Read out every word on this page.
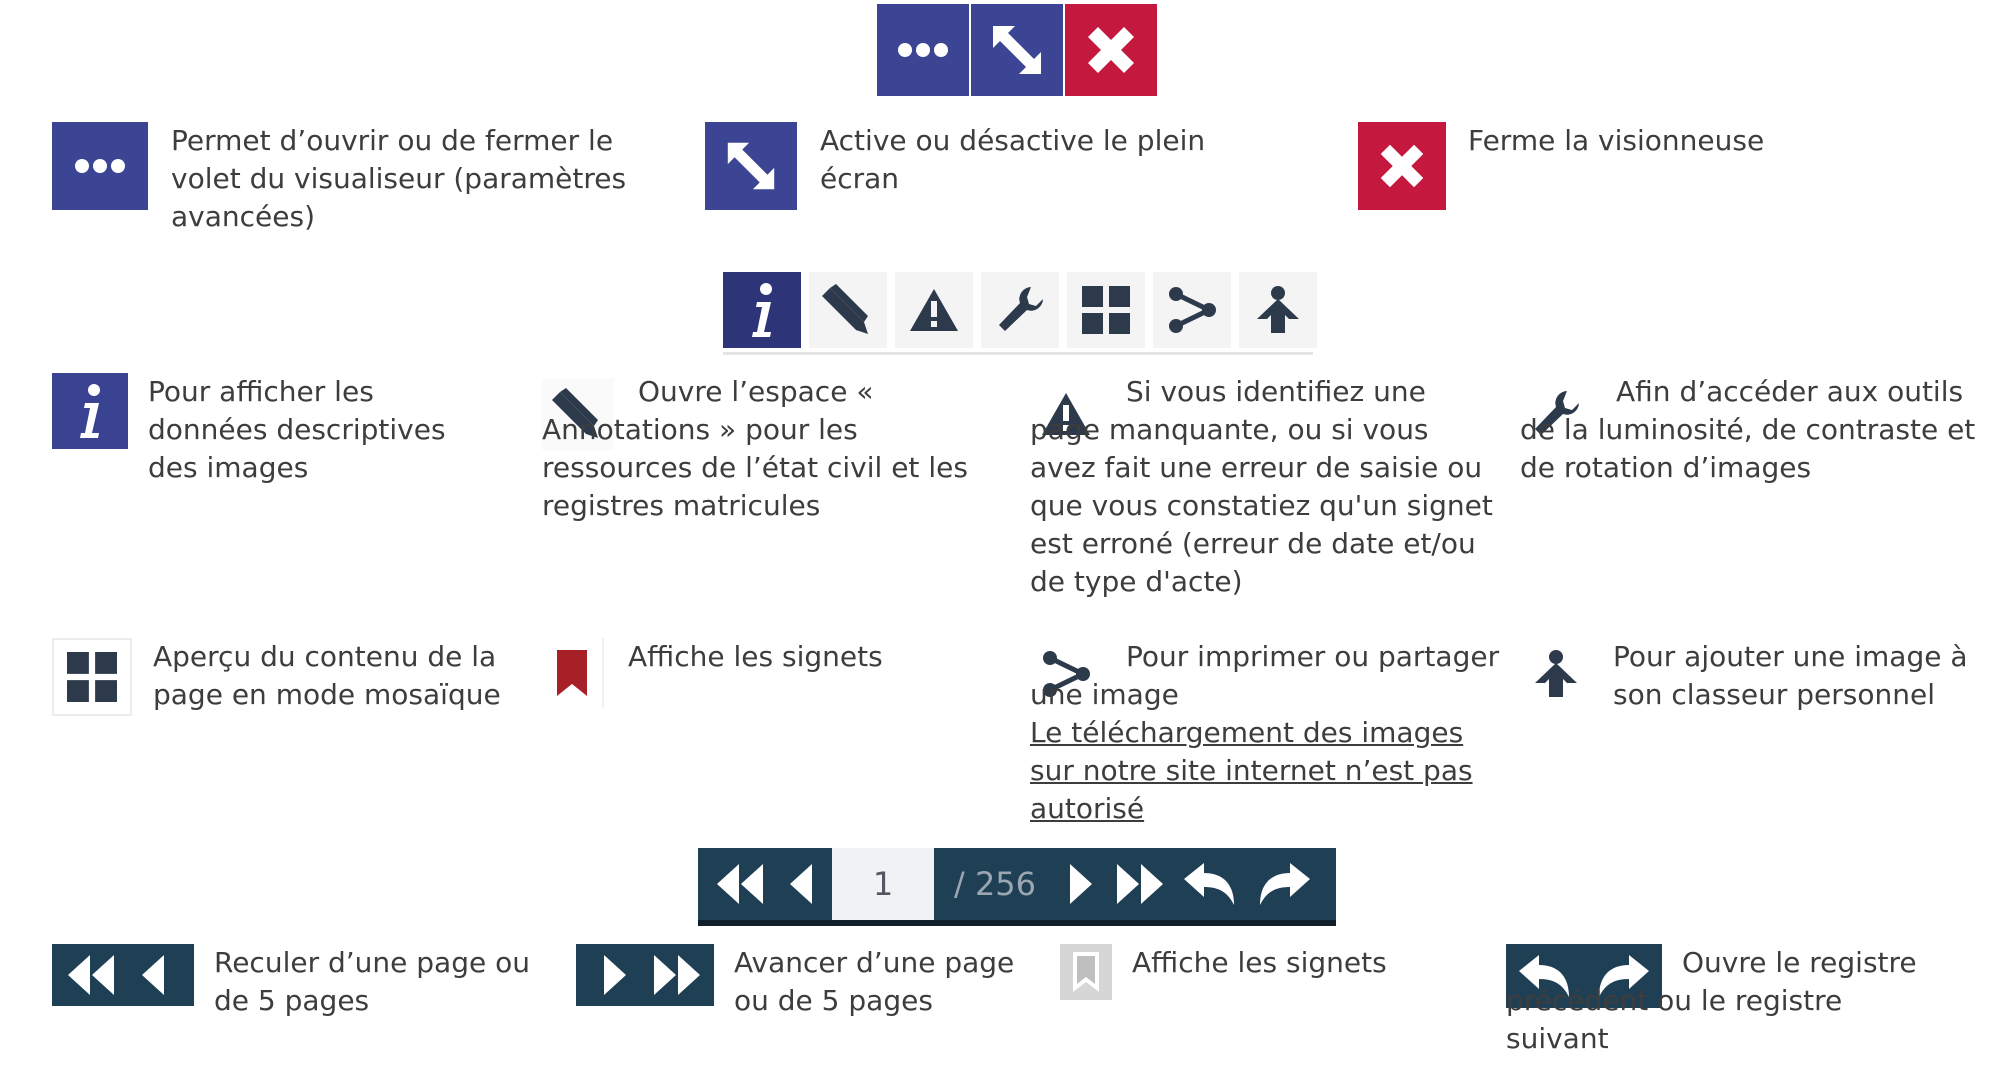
Permet d’ouvrir ou de fermer le volet du visualiseur (paramètres avancées)
Active ou désactive le plein écran
Ferme la visionneuse
Pour afficher les données descriptives des images
Ouvre l’espace « Annotations » pour les ressources de l’état civil et les registres matricules
Si vous identifiez une page manquante, ou si vous avez fait une erreur de saisie ou que vous constatiez qu'un signet est erroné (erreur de date et/ou de type d'acte)
Afin d’accéder aux outils de la luminosité, de contraste et de rotation d’images
Aperçu du contenu de la page en mode mosaïque
Affiche les signets	Pour imprimer ou partager une image
Le téléchargement des images sur notre site internet n’est pas autorisé
Pour ajouter une image à son classeur personnel
1	/ 256
Reculer d’une page ou de 5 pages
Avancer d’une page ou de 5 pages
Affiche les signets	Ouvre le registre précédent ou le registre suivant
